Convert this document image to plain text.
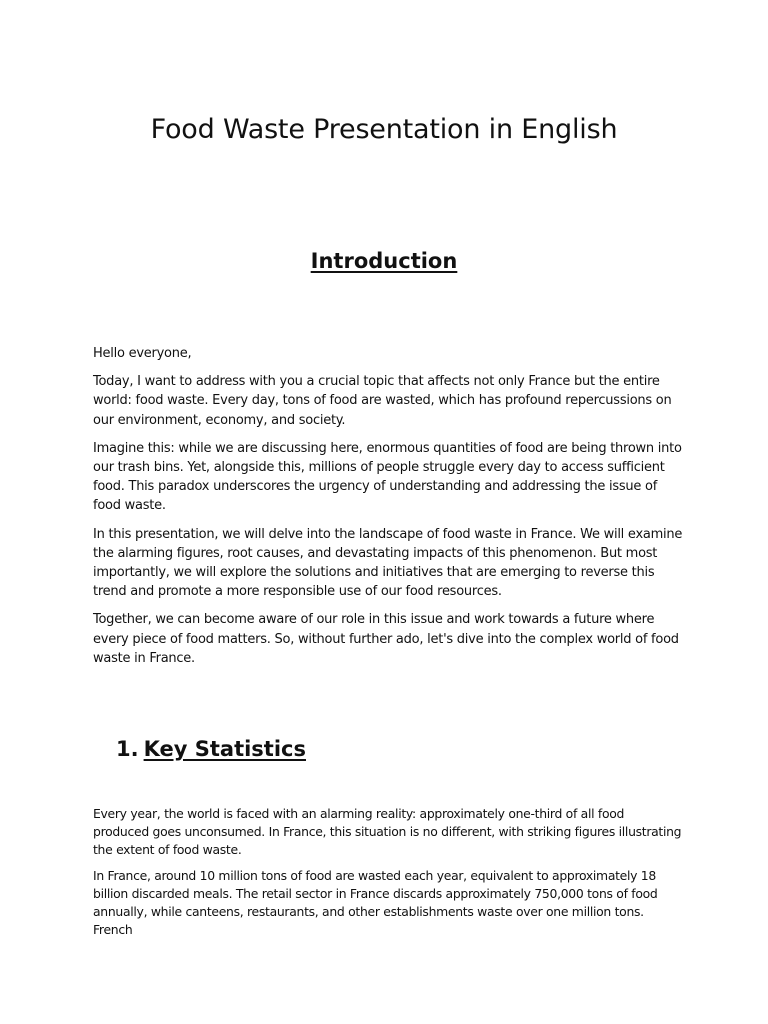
Food Waste Presentation in English
Introduction

Hello everyone,

Today, I want to address with you a crucial topic that affects not only France but the entire world: food waste. Every day, tons of food are wasted, which has profound repercussions on our environment, economy, and society.

Imagine this: while we are discussing here, enormous quantities of food are being thrown into our trash bins. Yet, alongside this, millions of people struggle every day to access sufficient food. This paradox underscores the urgency of understanding and addressing the issue of food waste.

In this presentation, we will delve into the landscape of food waste in France. We will examine the alarming figures, root causes, and devastating impacts of this phenomenon. But most importantly, we will explore the solutions and initiatives that are emerging to reverse this trend and promote a more responsible use of our food resources.

Together, we can become aware of our role in this issue and work towards a future where every piece of food matters. So, without further ado, let's dive into the complex world of food waste in France.

1. Key Statistics

Every year, the world is faced with an alarming reality: approximately one-third of all food produced goes unconsumed. In France, this situation is no different, with striking figures illustrating the extent of food waste.

In France, around 10 million tons of food are wasted each year, equivalent to approximately 18 billion discarded meals. The retail sector in France discards approximately 750,000 tons of food annually, while canteens, restaurants, and other establishments waste over one million tons. French
